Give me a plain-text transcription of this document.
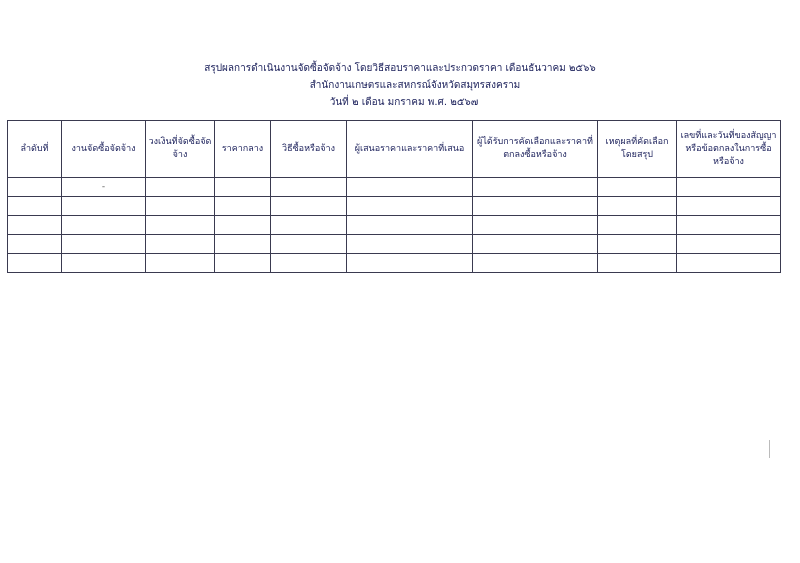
สรุปผลการดำเนินงานจัดซื้อจัดจ้าง โดยวิธีสอบราคาและประกวดราคา เดือนธันวาคม ๒๕๖๖
สำนักงานเกษตรและสหกรณ์จังหวัดสมุทรสงคราม
วันที่ ๒ เดือน มกราคม พ.ศ. ๒๕๖๗
ลำดับที่	งานจัดซื้อจัดจ้าง	วงเงินที่จัดซื้อจัดจ้าง	ราคากลาง	วิธีซื้อหรือจ้าง	ผู้เสนอราคาและราคาที่เสนอ	ผู้ได้รับการคัดเลือกและราคาที่ตกลงซื้อหรือจ้าง	เหตุผลที่คัดเลือกโดยสรุป	เลขที่และวันที่ของสัญญาหรือข้อตกลงในการซื้อหรือจ้าง
	-							
